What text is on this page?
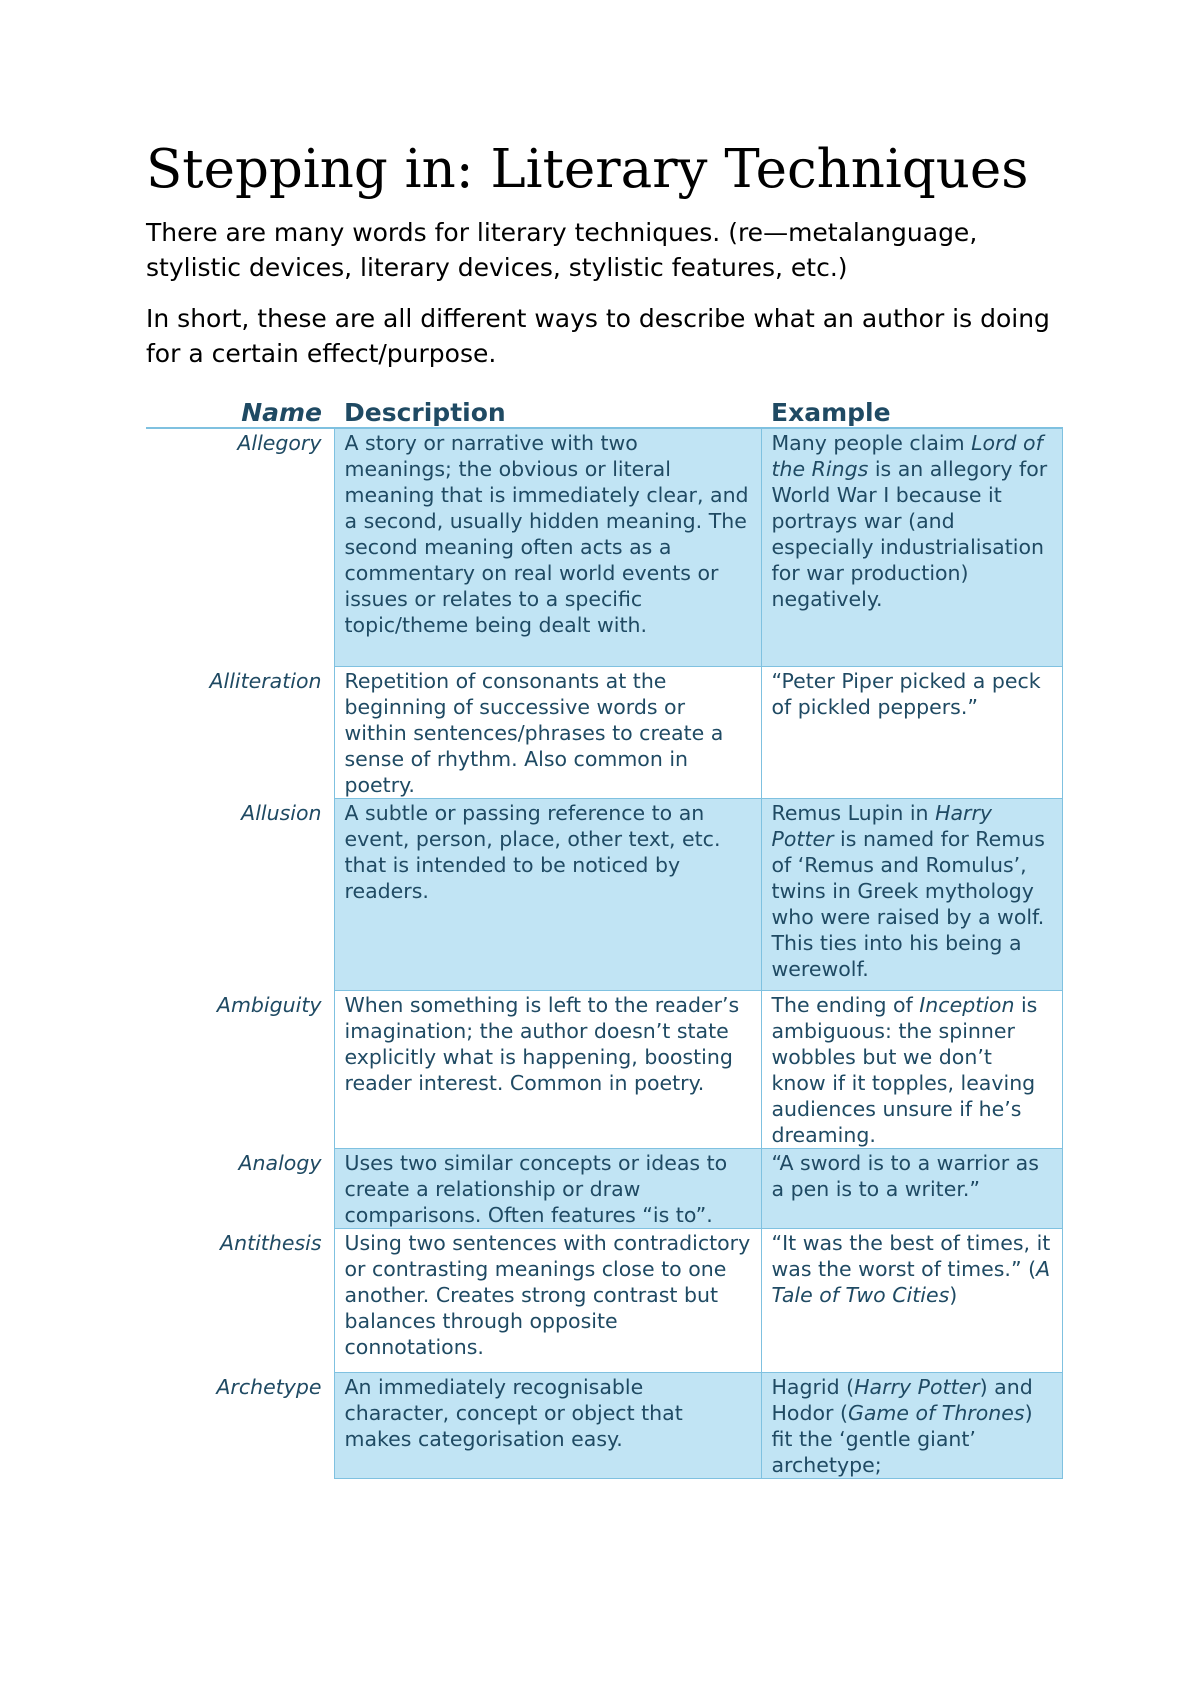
Stepping in: Literary Techniques

There are many words for literary techniques. (re—metalanguage, stylistic devices, literary devices, stylistic features, etc.)

In short, these are all different ways to describe what an author is doing for a certain effect/purpose.

Name	Description	Example
Allegory	A story or narrative with two meanings; the obvious or literal meaning that is immediately clear, and a second, usually hidden meaning. The second meaning often acts as a commentary on real world events or issues or relates to a specific topic/theme being dealt with.	Many people claim Lord of the Rings is an allegory for World War I because it portrays war (and especially industrialisation for war production) negatively.
Alliteration	Repetition of consonants at the beginning of successive words or within sentences/phrases to create a sense of rhythm. Also common in poetry.	“Peter Piper picked a peck of pickled peppers.”
Allusion	A subtle or passing reference to an event, person, place, other text, etc. that is intended to be noticed by readers.	Remus Lupin in Harry Potter is named for Remus of ‘Remus and Romulus’, twins in Greek mythology who were raised by a wolf. This ties into his being a werewolf.
Ambiguity	When something is left to the reader’s imagination; the author doesn’t state explicitly what is happening, boosting reader interest. Common in poetry.	The ending of Inception is ambiguous: the spinner wobbles but we don’t know if it topples, leaving audiences unsure if he’s dreaming.
Analogy	Uses two similar concepts or ideas to create a relationship or draw comparisons. Often features “is to”.	“A sword is to a warrior as a pen is to a writer.”
Antithesis	Using two sentences with contradictory or contrasting meanings close to one another. Creates strong contrast but balances through opposite connotations.	“It was the best of times, it was the worst of times.” (A Tale of Two Cities)
Archetype	An immediately recognisable character, concept or object that makes categorisation easy.	Hagrid (Harry Potter) and Hodor (Game of Thrones) fit the ‘gentle giant’ archetype;
